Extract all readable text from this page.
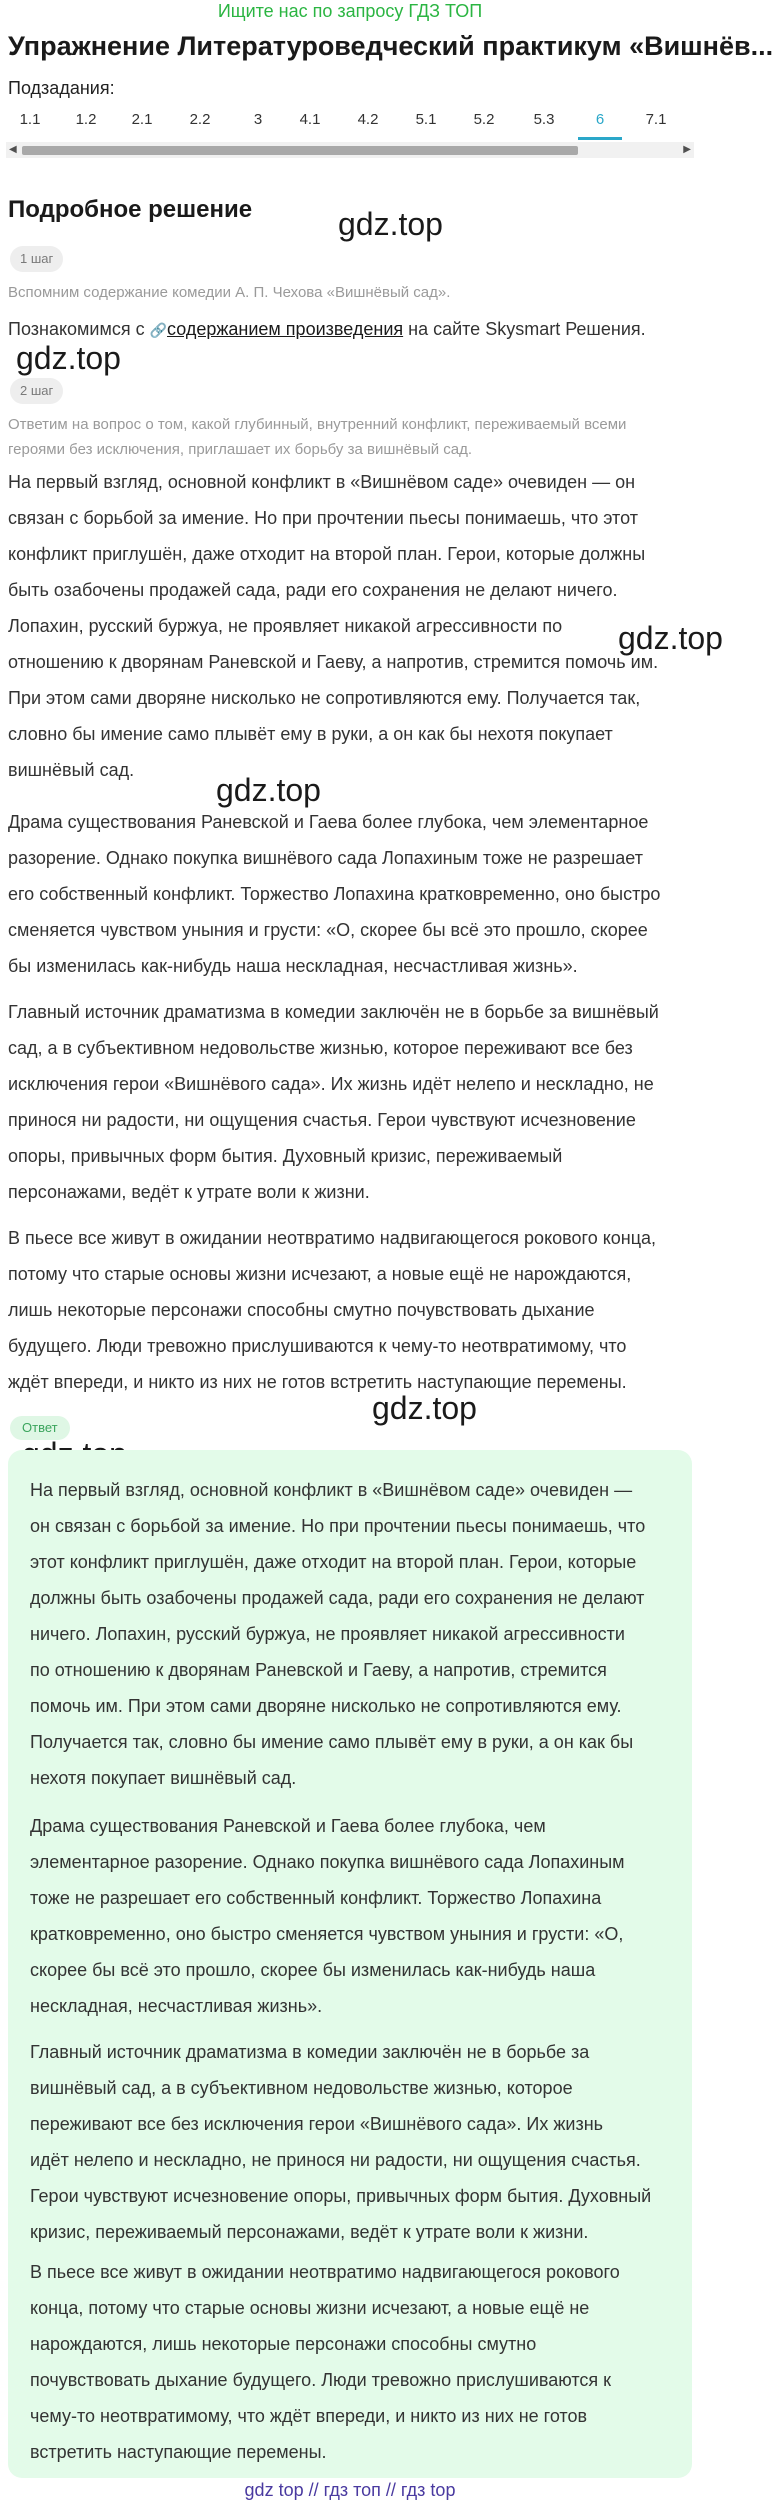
Ищите нас по запросу ГДЗ ТОП
Упражнение Литературоведческий практикум «Вишнёв...
Подзадания:
1.1	1.2	2.1	2.2	3	4.1	4.2	5.1	5.2	5.3	6	7.1
◀	▶
Подробное решение	gdz.top
gdz.top
gdz.top
gdz.top
gdz.top
1 шаг
Вспомним содержание комедии А. П. Чехова «Вишнёвый сад».
Познакомимся с 🔗содержанием произведения на сайте Skysmart Решения.
2 шаг
Ответим на вопрос о том, какой глубинный, внутренний конфликт, переживаемый всеми
героями без исключения, приглашает их борьбу за вишнёвый сад.
На первый взгляд, основной конфликт в «Вишнёвом саде» очевиден — он
связан с борьбой за имение. Но при прочтении пьесы понимаешь, что этот
конфликт приглушён, даже отходит на второй план. Герои, которые должны
быть озабочены продажей сада, ради его сохранения не делают ничего.
Лопахин, русский буржуа, не проявляет никакой агрессивности по
отношению к дворянам Раневской и Гаеву, а напротив, стремится помочь им.
При этом сами дворяне нисколько не сопротивляются ему. Получается так,
словно бы имение само плывёт ему в руки, а он как бы нехотя покупает
вишнёвый сад.
Драма существования Раневской и Гаева более глубока, чем элементарное
разорение. Однако покупка вишнёвого сада Лопахиным тоже не разрешает
его собственный конфликт. Торжество Лопахина кратковременно, оно быстро
сменяется чувством уныния и грусти: «О, скорее бы всё это прошло, скорее
бы изменилась как-нибудь наша нескладная, несчастливая жизнь».
Главный источник драматизма в комедии заключён не в борьбе за вишнёвый
сад, а в субъективном недовольстве жизнью, которое переживают все без
исключения герои «Вишнёвого сада». Их жизнь идёт нелепо и нескладно, не
принося ни радости, ни ощущения счастья. Герои чувствуют исчезновение
опоры, привычных форм бытия. Духовный кризис, переживаемый
персонажами, ведёт к утрате воли к жизни.
В пьесе все живут в ожидании неотвратимо надвигающегося рокового конца,
потому что старые основы жизни исчезают, а новые ещё не нарождаются,
лишь некоторые персонажи способны смутно почувствовать дыхание
будущего. Люди тревожно прислушиваются к чему-то неотвратимому, что
ждёт впереди, и никто из них не готов встретить наступающие перемены.
Ответ
На первый взгляд, основной конфликт в «Вишнёвом саде» очевиден —
он связан с борьбой за имение. Но при прочтении пьесы понимаешь, что
этот конфликт приглушён, даже отходит на второй план. Герои, которые
должны быть озабочены продажей сада, ради его сохранения не делают
ничего. Лопахин, русский буржуа, не проявляет никакой агрессивности
по отношению к дворянам Раневской и Гаеву, а напротив, стремится
помочь им. При этом сами дворяне нисколько не сопротивляются ему.
Получается так, словно бы имение само плывёт ему в руки, а он как бы
нехотя покупает вишнёвый сад.
Драма существования Раневской и Гаева более глубока, чем
элементарное разорение. Однако покупка вишнёвого сада Лопахиным
тоже не разрешает его собственный конфликт. Торжество Лопахина
кратковременно, оно быстро сменяется чувством уныния и грусти: «О,
скорее бы всё это прошло, скорее бы изменилась как-нибудь наша
нескладная, несчастливая жизнь».
Главный источник драматизма в комедии заключён не в борьбе за
вишнёвый сад, а в субъективном недовольстве жизнью, которое
переживают все без исключения герои «Вишнёвого сада». Их жизнь
идёт нелепо и нескладно, не принося ни радости, ни ощущения счастья.
Герои чувствуют исчезновение опоры, привычных форм бытия. Духовный
кризис, переживаемый персонажами, ведёт к утрате воли к жизни.
В пьесе все живут в ожидании неотвратимо надвигающегося рокового
конца, потому что старые основы жизни исчезают, а новые ещё не
нарождаются, лишь некоторые персонажи способны смутно
почувствовать дыхание будущего. Люди тревожно прислушиваются к
чему-то неотвратимому, что ждёт впереди, и никто из них не готов
встретить наступающие перемены.
gdz top // гдз топ // гдз top
